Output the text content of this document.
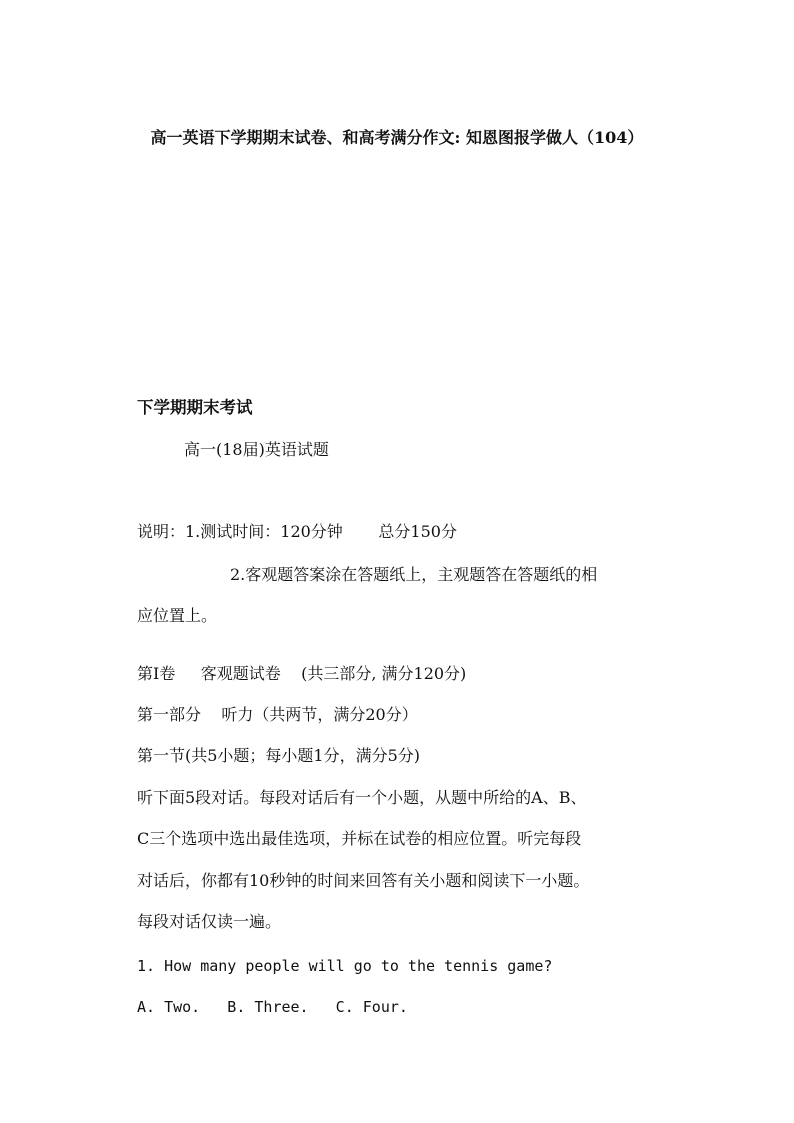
高一英语下学期期末试卷、和高考满分作文: 知恩图报学做人（104）
下学期期末考试
高一(18届)英语试题
说明：1.测试时间：120分钟       总分150分
2.客观题答案涂在答题纸上，主观题答在答题纸的相
应位置上。
第Ⅰ卷     客观题试卷    (共三部分, 满分120分)
第一部分    听力（共两节，满分20分）
第一节(共5小题；每小题1分，满分5分)
听下面5段对话。每段对话后有一个小题，从题中所给的A、B、
C三个选项中选出最佳选项，并标在试卷的相应位置。听完每段
对话后，你都有10秒钟的时间来回答有关小题和阅读下一小题。
每段对话仅读一遍。
1. How many people will go to the tennis game?
A. Two.   B. Three.   C. Four.
